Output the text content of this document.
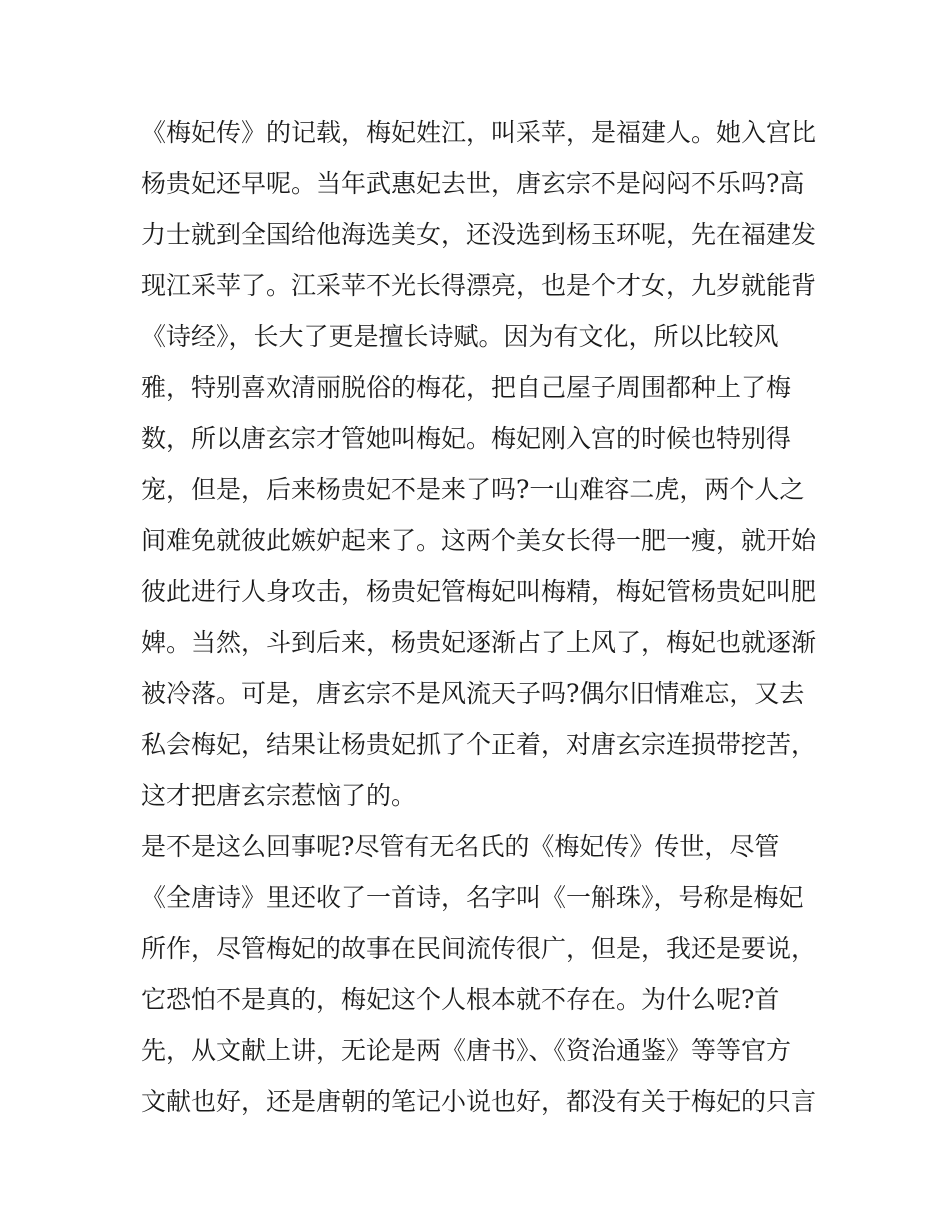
《梅妃传》的记载，梅妃姓江，叫采苹，是福建人。她入宫比
杨贵妃还早呢。当年武惠妃去世，唐玄宗不是闷闷不乐吗?高
力士就到全国给他海选美女，还没选到杨玉环呢，先在福建发
现江采苹了。江采苹不光长得漂亮，也是个才女，九岁就能背
《诗经》，长大了更是擅长诗赋。因为有文化，所以比较风
雅，特别喜欢清丽脱俗的梅花，把自己屋子周围都种上了梅
数，所以唐玄宗才管她叫梅妃。梅妃刚入宫的时候也特别得
宠，但是，后来杨贵妃不是来了吗?一山难容二虎，两个人之
间难免就彼此嫉妒起来了。这两个美女长得一肥一瘦，就开始
彼此进行人身攻击，杨贵妃管梅妃叫梅精，梅妃管杨贵妃叫肥
婢。当然，斗到后来，杨贵妃逐渐占了上风了，梅妃也就逐渐
被冷落。可是，唐玄宗不是风流天子吗?偶尔旧情难忘，又去
私会梅妃，结果让杨贵妃抓了个正着，对唐玄宗连损带挖苦，
这才把唐玄宗惹恼了的。
是不是这么回事呢?尽管有无名氏的《梅妃传》传世，尽管
《全唐诗》里还收了一首诗，名字叫《一斛珠》，号称是梅妃
所作，尽管梅妃的故事在民间流传很广，但是，我还是要说，
它恐怕不是真的，梅妃这个人根本就不存在。为什么呢?首
先，从文献上讲，无论是两《唐书》、《资治通鉴》等等官方
文献也好，还是唐朝的笔记小说也好，都没有关于梅妃的只言
